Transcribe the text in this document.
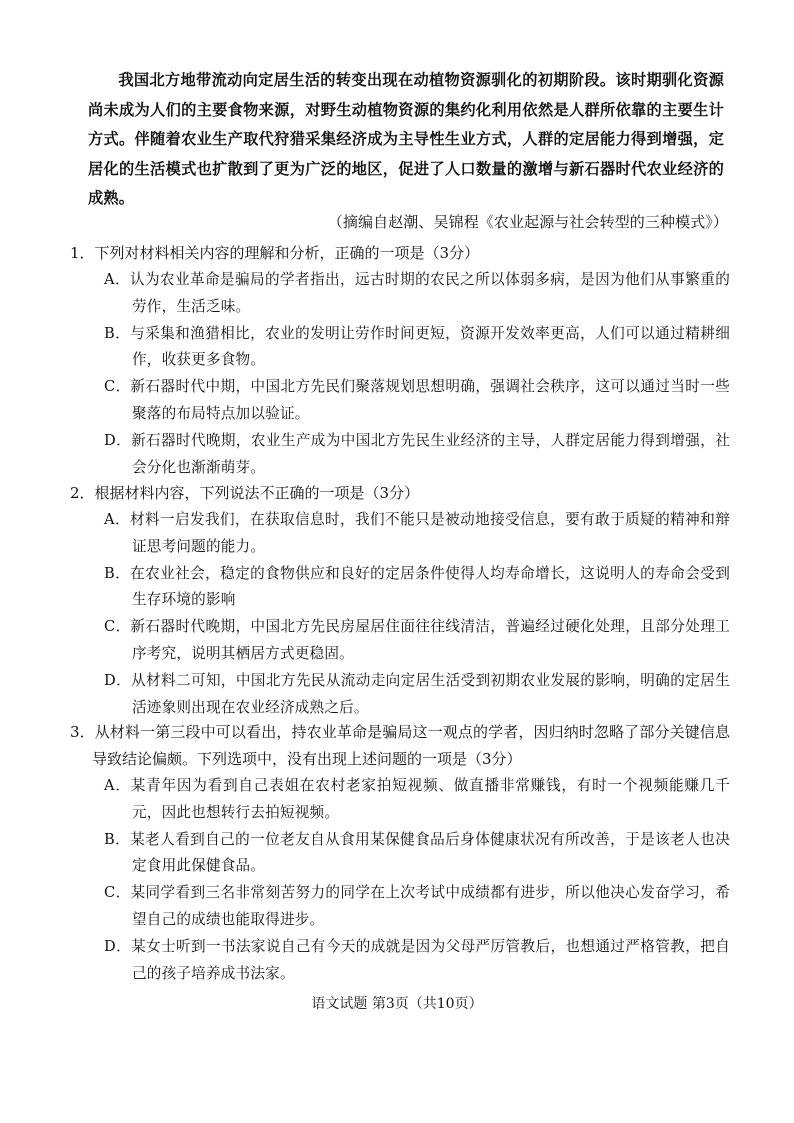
我国北方地带流动向定居生活的转变出现在动植物资源驯化的初期阶段。该时期驯化资源尚未成为人们的主要食物来源，对野生动植物资源的集约化利用依然是人群所依靠的主要生计方式。伴随着农业生产取代狩猎采集经济成为主导性生业方式，人群的定居能力得到增强，定居化的生活模式也扩散到了更为广泛的地区，促进了人口数量的激增与新石器时代农业经济的成熟。

（摘编自赵潮、吴锦程《农业起源与社会转型的三种模式》）
1．下列对材料相关内容的理解和分析，正确的一项是（3分）
A．认为农业革命是骗局的学者指出，远古时期的农民之所以体弱多病，是因为他们从事繁重的劳作，生活乏味。
B．与采集和渔猎相比，农业的发明让劳作时间更短，资源开发效率更高，人们可以通过精耕细作，收获更多食物。
C．新石器时代中期，中国北方先民们聚落规划思想明确，强调社会秩序，这可以通过当时一些聚落的布局特点加以验证。
D．新石器时代晚期，农业生产成为中国北方先民生业经济的主导，人群定居能力得到增强，社会分化也渐渐萌芽。
2．根据材料内容，下列说法不正确的一项是（3分）
A．材料一启发我们，在获取信息时，我们不能只是被动地接受信息，要有敢于质疑的精神和辩证思考问题的能力。
B．在农业社会，稳定的食物供应和良好的定居条件使得人均寿命增长，这说明人的寿命会受到生存环境的影响
C．新石器时代晚期，中国北方先民房屋居住面往往线清洁，普遍经过硬化处理，且部分处理工序考究，说明其栖居方式更稳固。
D．从材料二可知，中国北方先民从流动走向定居生活受到初期农业发展的影响，明确的定居生活迹象则出现在农业经济成熟之后。
3．从材料一第三段中可以看出，持农业革命是骗局这一观点的学者，因归纳时忽略了部分关键信息导致结论偏颇。下列选项中，没有出现上述问题的一项是（3分）
A．某青年因为看到自己表姐在农村老家拍短视频、做直播非常赚钱，有时一个视频能赚几千元，因此也想转行去拍短视频。
B．某老人看到自己的一位老友自从食用某保健食品后身体健康状况有所改善，于是该老人也决定食用此保健食品。
C．某同学看到三名非常刻苦努力的同学在上次考试中成绩都有进步，所以他决心发奋学习，希望自己的成绩也能取得进步。
D．某女士听到一书法家说自己有今天的成就是因为父母严厉管教后，也想通过严格管教，把自己的孩子培养成书法家。
语文试题 第3页（共10页）
